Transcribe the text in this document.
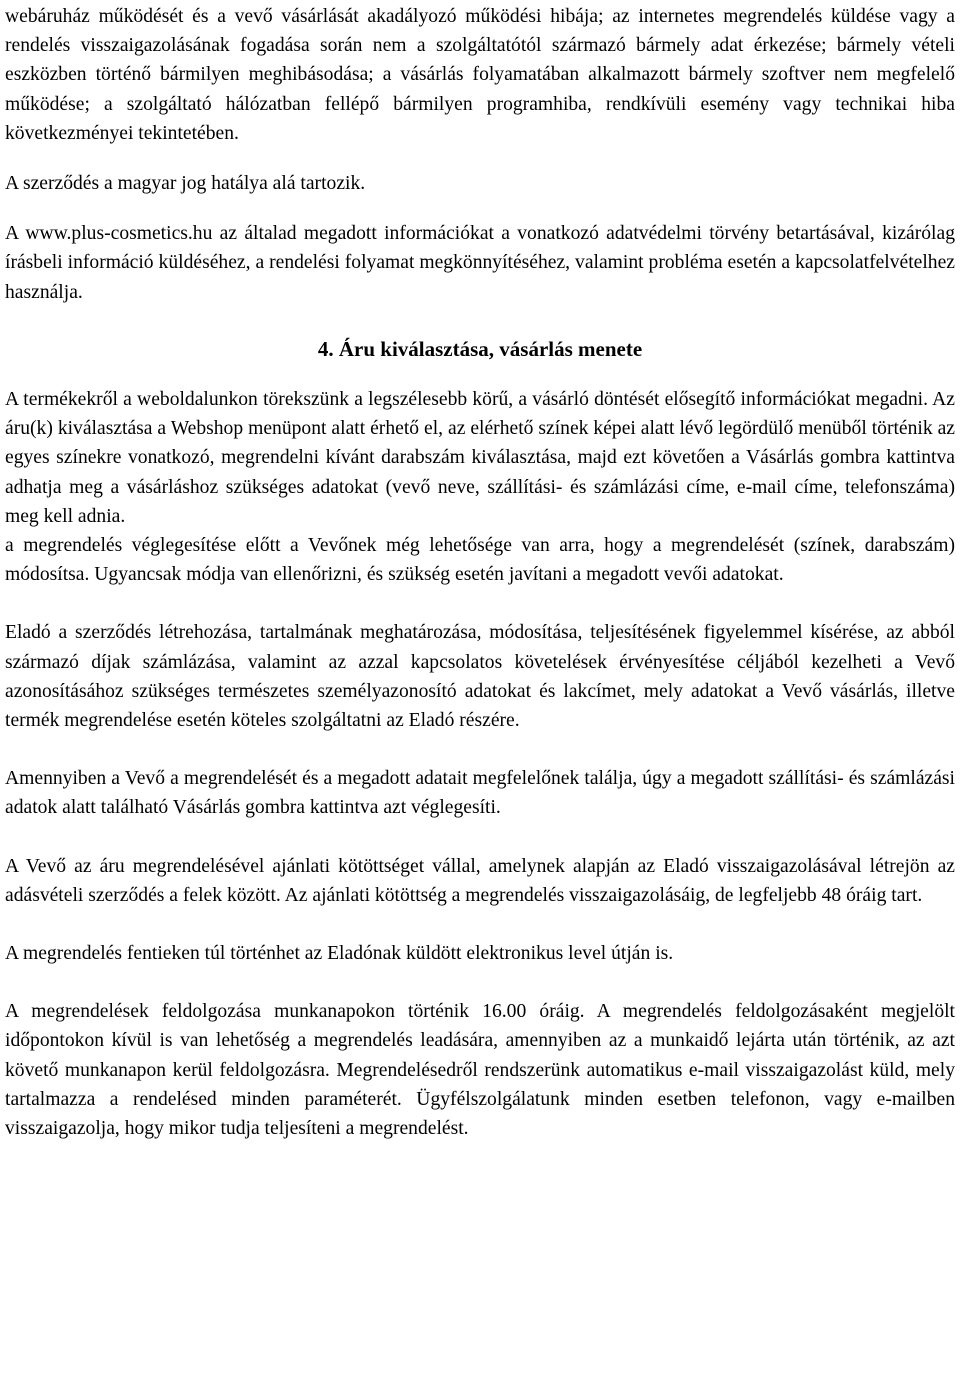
webáruház működését és a vevő vásárlását akadályozó működési hibája; az internetes megrendelés küldése vagy a rendelés visszaigazolásának fogadása során nem a szolgáltatótól származó bármely adat érkezése; bármely vételi eszközben történő bármilyen meghibásodása; a vásárlás folyamatában alkalmazott bármely szoftver nem megfelelő működése; a szolgáltató hálózatban fellépő bármilyen programhiba, rendkívüli esemény vagy technikai hiba következményei tekintetében.

A szerződés a magyar jog hatálya alá tartozik.

A www.plus-cosmetics.hu az általad megadott információkat a vonatkozó adatvédelmi törvény betartásával, kizárólag írásbeli információ küldéséhez, a rendelési folyamat megkönnyítéséhez, valamint probléma esetén a kapcsolatfelvételhez használja.

4. Áru kiválasztása, vásárlás menete

A termékekről a weboldalunkon törekszünk a legszélesebb körű, a vásárló döntését elősegítő információkat megadni. Az áru(k) kiválasztása a Webshop menüpont alatt érhető el, az elérhető színek képei alatt lévő legördülő menüből történik az egyes színekre vonatkozó, megrendelni kívánt darabszám kiválasztása, majd ezt követően a Vásárlás gombra kattintva adhatja meg a vásárláshoz szükséges adatokat (vevő neve, szállítási- és számlázási címe, e-mail címe, telefonszáma) meg kell adnia.

a megrendelés véglegesítése előtt a Vevőnek még lehetősége van arra, hogy a megrendelését (színek, darabszám) módosítsa. Ugyancsak módja van ellenőrizni, és szükség esetén javítani a megadott vevői adatokat.

Eladó a szerződés létrehozása, tartalmának meghatározása, módosítása, teljesítésének figyelemmel kísérése, az abból származó díjak számlázása, valamint az azzal kapcsolatos követelések érvényesítése céljából kezelheti a Vevő azonosításához szükséges természetes személyazonosító adatokat és lakcímet, mely adatokat a Vevő vásárlás, illetve termék megrendelése esetén köteles szolgáltatni az Eladó részére.

Amennyiben a Vevő a megrendelését és a megadott adatait megfelelőnek találja, úgy a megadott szállítási- és számlázási adatok alatt található Vásárlás gombra kattintva azt véglegesíti.

A Vevő az áru megrendelésével ajánlati kötöttséget vállal, amelynek alapján az Eladó visszaigazolásával létrejön az adásvételi szerződés a felek között. Az ajánlati kötöttség a megrendelés visszaigazolásáig, de legfeljebb 48 óráig tart.

A megrendelés fentieken túl történhet az Eladónak küldött elektronikus level útján is.

A megrendelések feldolgozása munkanapokon történik 16.00 óráig. A megrendelés feldolgozásaként megjelölt időpontokon kívül is van lehetőség a megrendelés leadására, amennyiben az a munkaidő lejárta után történik, az azt követő munkanapon kerül feldolgozásra. Megrendelésedről rendszerünk automatikus e-mail visszaigazolást küld, mely tartalmazza a rendelésed minden paraméterét. Ügyfélszolgálatunk minden esetben telefonon, vagy e-mailben visszaigazolja, hogy mikor tudja teljesíteni a megrendelést.
